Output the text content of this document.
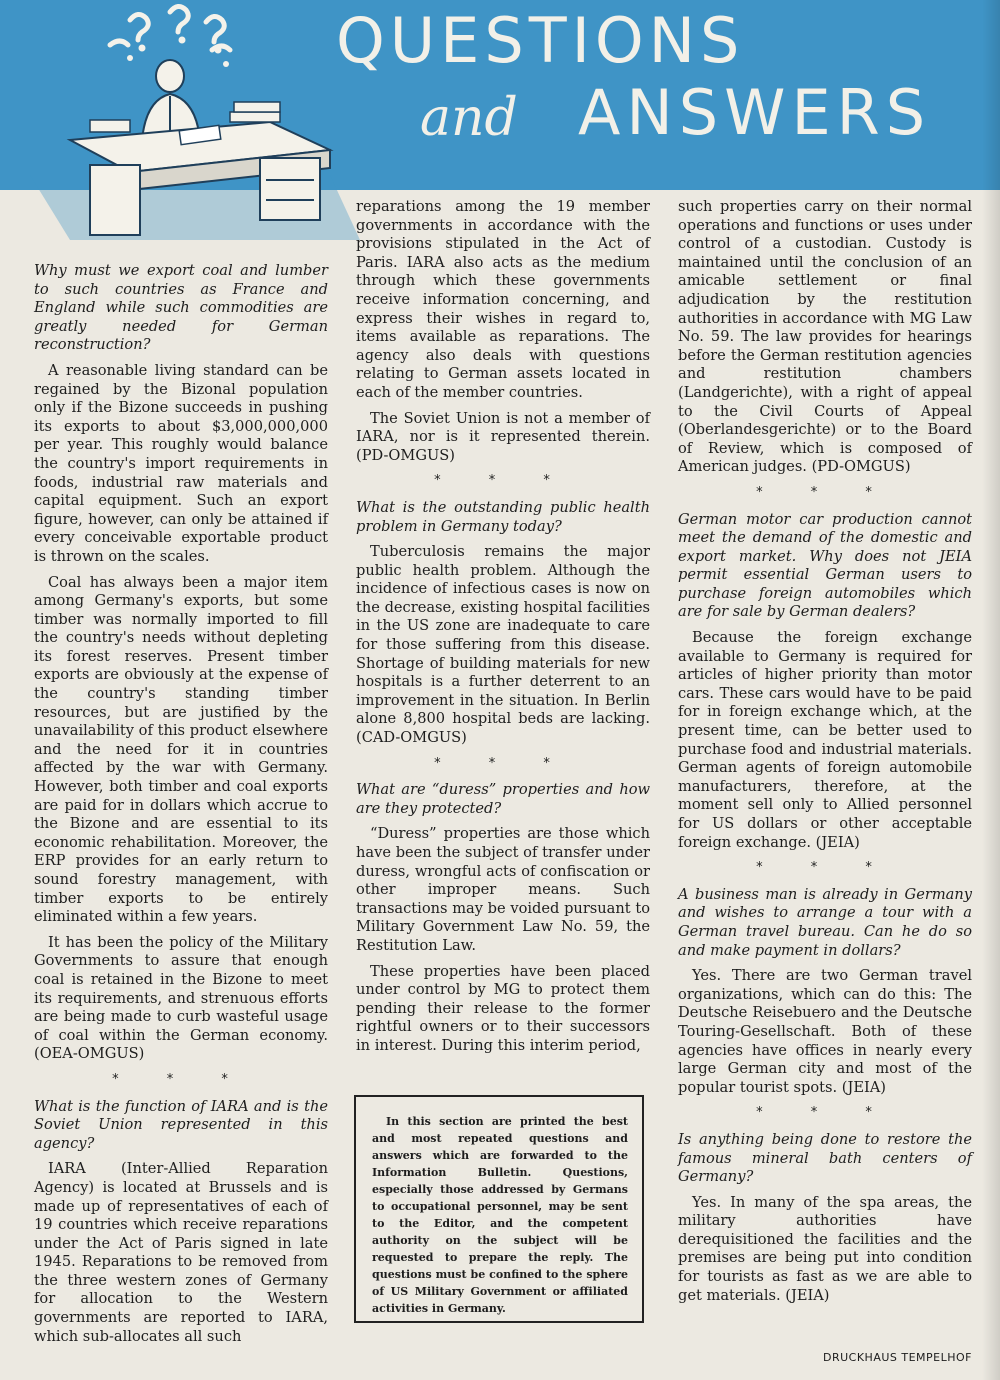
QUESTIONS
and ANSWERS
Why must we export coal and lumber to such countries as France and England while such commodities are greatly needed for German reconstruction?
A reasonable living standard can be regained by the Bizonal population only if the Bizone succeeds in pushing its exports to about $3,000,000,000 per year. This roughly would balance the country's import requirements in foods, industrial raw materials and capital equipment. Such an export figure, however, can only be attained if every conceivable exportable product is thrown on the scales.
Coal has always been a major item among Germany's exports, but some timber was normally imported to fill the country's needs without depleting its forest reserves. Present timber exports are obviously at the expense of the country's standing timber resources, but are justified by the unavailability of this product elsewhere and the need for it in countries affected by the war with Germany. However, both timber and coal exports are paid for in dollars which accrue to the Bizone and are essential to its economic rehabilitation. Moreover, the ERP provides for an early return to sound forestry management, with timber exports to be entirely eliminated within a few years.
It has been the policy of the Military Governments to assure that enough coal is retained in the Bizone to meet its requirements, and strenuous efforts are being made to curb wasteful usage of coal within the German economy. (OEA-OMGUS)
* * *
What is the function of IARA and is the Soviet Union represented in this agency?
IARA (Inter-Allied Reparation Agency) is located at Brussels and is made up of representatives of each of 19 countries which receive reparations under the Act of Paris signed in late 1945. Reparations to be removed from the three western zones of Germany for allocation to the Western governments are reported to IARA, which sub-allocates all such
reparations among the 19 member governments in accordance with the provisions stipulated in the Act of Paris. IARA also acts as the medium through which these governments receive information concerning, and express their wishes in regard to, items available as reparations. The agency also deals with questions relating to German assets located in each of the member countries.
The Soviet Union is not a member of IARA, nor is it represented therein. (PD-OMGUS)
* * *
What is the outstanding public health problem in Germany today?
Tuberculosis remains the major public health problem. Although the incidence of infectious cases is now on the decrease, existing hospital facilities in the US zone are inadequate to care for those suffering from this disease. Shortage of building materials for new hospitals is a further deterrent to an improvement in the situation. In Berlin alone 8,800 hospital beds are lacking. (CAD-OMGUS)
* * *
What are “duress” properties and how are they protected?
“Duress” properties are those which have been the subject of transfer under duress, wrongful acts of confiscation or other improper means. Such transactions may be voided pursuant to Military Government Law No. 59, the Restitution Law.
These properties have been placed under control by MG to protect them pending their release to the former rightful owners or to their successors in interest. During this interim period,
such properties carry on their normal operations and functions or uses under control of a custodian. Custody is maintained until the conclusion of an amicable settlement or final adjudication by the restitution authorities in accordance with MG Law No. 59. The law provides for hearings before the German restitution agencies and restitution chambers (Landgerichte), with a right of appeal to the Civil Courts of Appeal (Oberlandesgerichte) or to the Board of Review, which is composed of American judges. (PD-OMGUS)
* * *
German motor car production cannot meet the demand of the domestic and export market. Why does not JEIA permit essential German users to purchase foreign automobiles which are for sale by German dealers?
Because the foreign exchange available to Germany is required for articles of higher priority than motor cars. These cars would have to be paid for in foreign exchange which, at the present time, can be better used to purchase food and industrial materials. German agents of foreign automobile manufacturers, therefore, at the moment sell only to Allied personnel for US dollars or other acceptable foreign exchange. (JEIA)
* * *
A business man is already in Germany and wishes to arrange a tour with a German travel bureau. Can he do so and make payment in dollars?
Yes. There are two German travel organizations, which can do this: The Deutsche Reisebuero and the Deutsche Touring-Gesellschaft. Both of these agencies have offices in nearly every large German city and most of the popular tourist spots. (JEIA)
* * *
Is anything being done to restore the famous mineral bath centers of Germany?
Yes. In many of the spa areas, the military authorities have derequisitioned the facilities and the premises are being put into condition for tourists as fast as we are able to get materials. (JEIA)
In this section are printed the best and most repeated questions and answers which are forwarded to the Information Bulletin. Questions, especially those addressed by Germans to occupational personnel, may be sent to the Editor, and the competent authority on the subject will be requested to prepare the reply. The questions must be confined to the sphere of US Military Government or affiliated activities in Germany.
DRUCKHAUS TEMPELHOF
